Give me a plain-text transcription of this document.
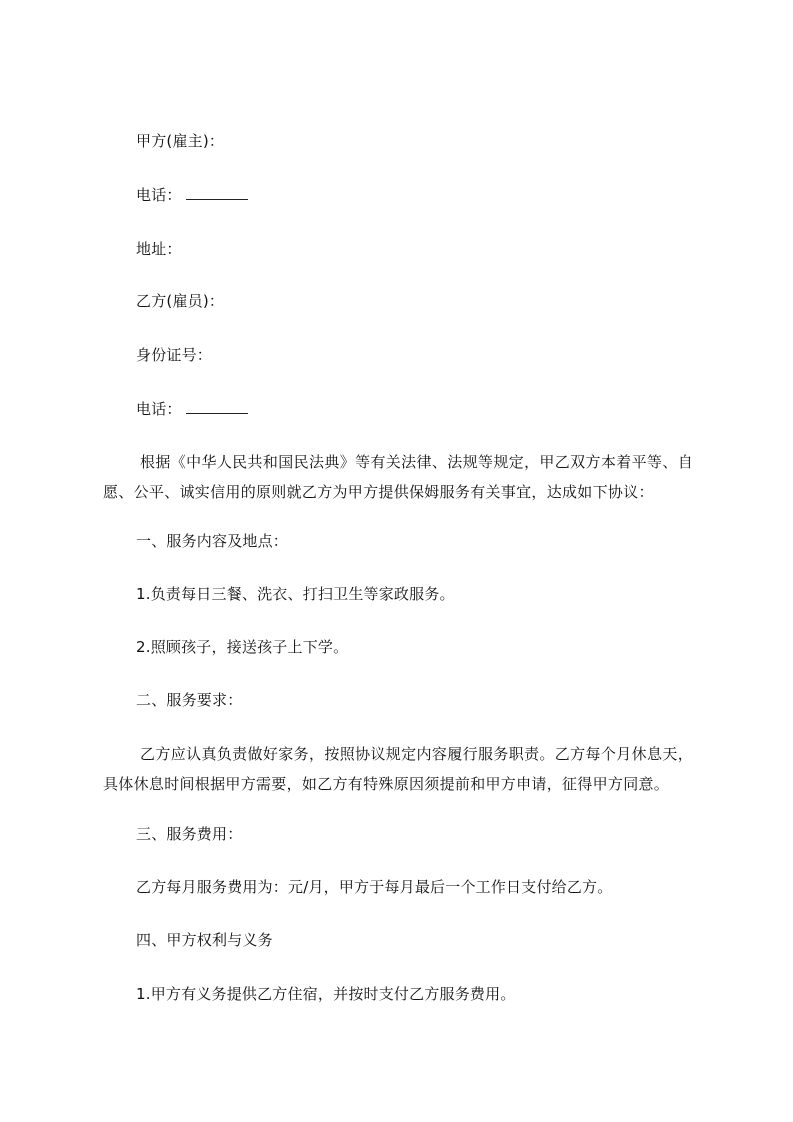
甲方(雇主)：
电话：
地址：
乙方(雇员)：
身份证号：
电话：
根据《中华人民共和国民法典》等有关法律、法规等规定，甲乙双方本着平等、自愿、公平、诚实信用的原则就乙方为甲方提供保姆服务有关事宜，达成如下协议：
一、服务内容及地点：
1.负责每日三餐、洗衣、打扫卫生等家政服务。
2.照顾孩子，接送孩子上下学。
二、服务要求：
乙方应认真负责做好家务，按照协议规定内容履行服务职责。乙方每个月休息天，具体休息时间根据甲方需要，如乙方有特殊原因须提前和甲方申请，征得甲方同意。
三、服务费用：
乙方每月服务费用为：元/月，甲方于每月最后一个工作日支付给乙方。
四、甲方权利与义务
1.甲方有义务提供乙方住宿，并按时支付乙方服务费用。
